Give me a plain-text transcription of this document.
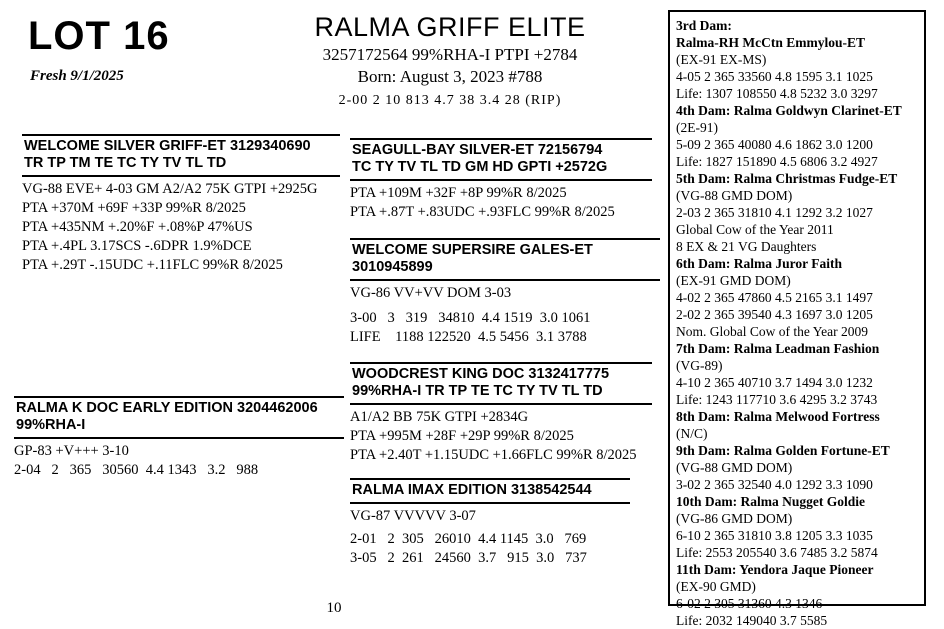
LOT 16
Fresh 9/1/2025
RALMA GRIFF ELITE
3257172564 99%RHA-I PTPI +2784
Born: August 3, 2023 #788
2-00 2 10 813 4.7 38 3.4 28 (RIP)
WELCOME SILVER GRIFF-ET 3129340690
TR TP TM TE TC TY TV TL TD
VG-88 EVE+ 4-03 GM A2/A2 75K GTPI +2925G
PTA +370M +69F +33P 99%R 8/2025
PTA +435NM +.20%F +.08%P 47%US
PTA +.4PL 3.17SCS -.6DPR 1.9%DCE
PTA +.29T -.15UDC +.11FLC 99%R 8/2025
RALMA K DOC EARLY EDITION 3204462006
99%RHA-I
GP-83 +V+++ 3-10
2-04   2   365   30560  4.4 1343   3.2   988
SEAGULL-BAY SILVER-ET 72156794
TC TY TV TL TD GM HD GPTI +2572G
PTA +109M +32F +8P 99%R 8/2025
PTA +.87T +.83UDC +.93FLC 99%R 8/2025
WELCOME SUPERSIRE GALES-ET 3010945899
VG-86 VV+VV DOM 3-03
3-00   3   319   34810  4.4 1519  3.0 1061
LIFE    1188 122520  4.5 5456  3.1 3788
WOODCREST KING DOC 3132417775
99%RHA-I TR TP TE TC TY TV TL TD
A1/A2 BB 75K GTPI +2834G
PTA +995M +28F +29P 99%R 8/2025
PTA +2.40T +1.15UDC +1.66FLC 99%R 8/2025
RALMA IMAX EDITION 3138542544
VG-87 VVVVV 3-07
2-01   2  305   26010  4.4 1145  3.0   769
3-05   2  261   24560  3.7   915  3.0   737
3rd Dam:
Ralma-RH McCtn Emmylou-ET
(EX-91 EX-MS)
4-05 2 365 33560 4.8 1595 3.1 1025
Life: 1307 108550 4.8 5232 3.0 3297
4th Dam: Ralma Goldwyn Clarinet-ET
(2E-91)
5-09 2 365 40080 4.6 1862 3.0 1200
Life: 1827 151890 4.5 6806 3.2 4927
5th Dam: Ralma Christmas Fudge-ET
(VG-88 GMD DOM)
2-03 2 365 31810 4.1 1292 3.2 1027
Global Cow of the Year 2011
8 EX & 21 VG Daughters
6th Dam: Ralma Juror Faith
(EX-91 GMD DOM)
4-02 2 365 47860 4.5 2165 3.1 1497
2-02 2 365 39540 4.3 1697 3.0 1205
Nom. Global Cow of the Year 2009
7th Dam: Ralma Leadman Fashion
(VG-89)
4-10 2 365 40710 3.7 1494 3.0 1232
Life: 1243 117710 3.6 4295 3.2 3743
8th Dam: Ralma Melwood Fortress
(N/C)
9th Dam: Ralma Golden Fortune-ET
(VG-88 GMD DOM)
3-02 2 365 32540 4.0 1292 3.3 1090
10th Dam: Ralma Nugget Goldie
(VG-86 GMD DOM)
6-10 2 365 31810 3.8 1205 3.3 1035
Life: 2553 205540 3.6 7485 3.2 5874
11th Dam: Yendora Jaque Pioneer
(EX-90 GMD)
6-02 2 305 31360 4.3 1346
Life: 2032 149040 3.7 5585
10
